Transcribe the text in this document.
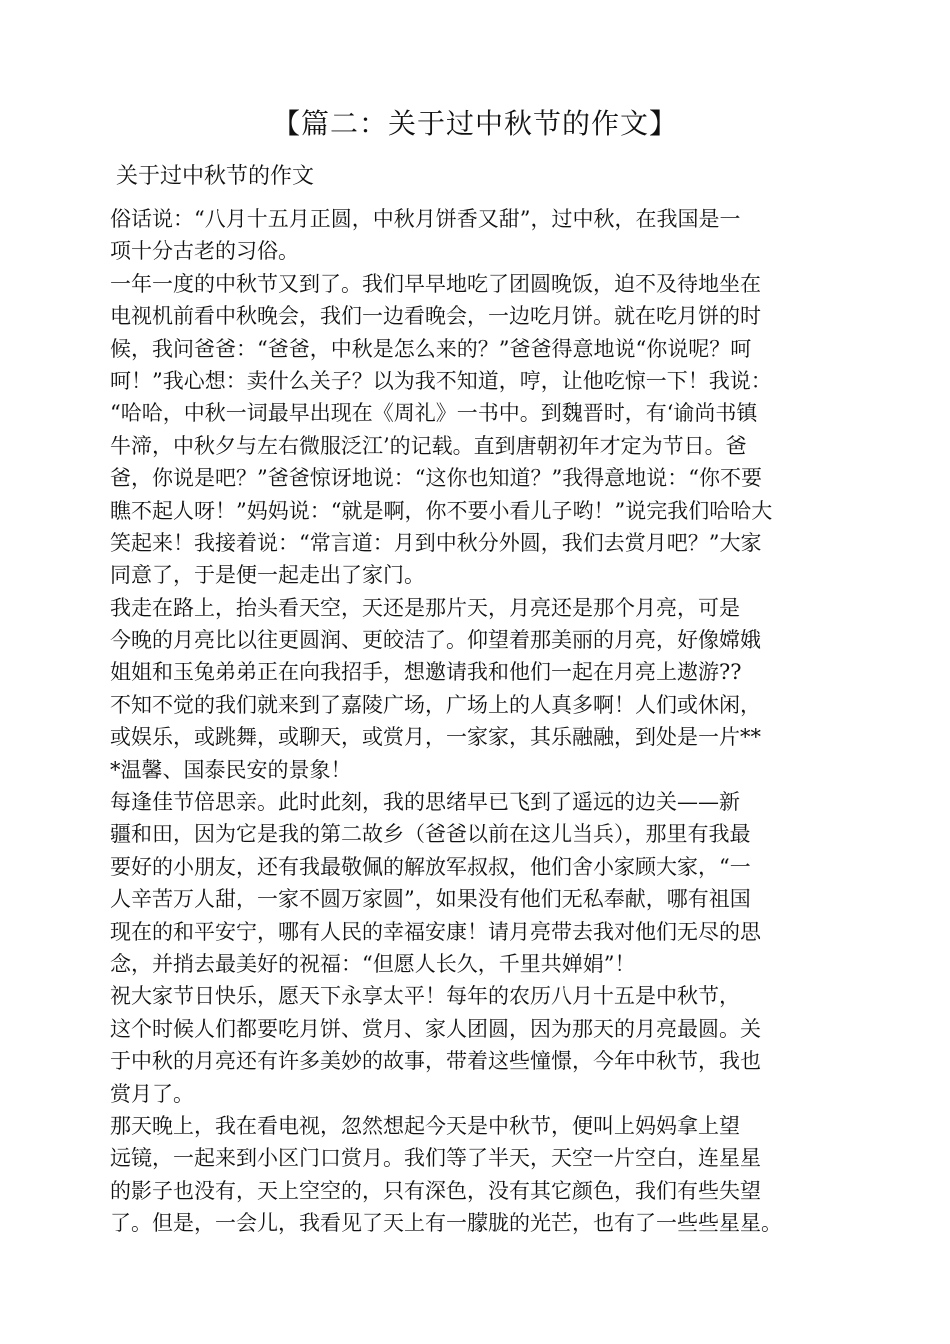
【篇二：关于过中秋节的作文】
关于过中秋节的作文
俗话说：“八月十五月正圆，中秋月饼香又甜”，过中秋，在我国是一
项十分古老的习俗。
一年一度的中秋节又到了。我们早早地吃了团圆晚饭，迫不及待地坐在
电视机前看中秋晚会，我们一边看晚会，一边吃月饼。就在吃月饼的时
候，我问爸爸：“爸爸，中秋是怎么来的？”爸爸得意地说“你说呢？呵
呵！”我心想：卖什么关子？以为我不知道，哼，让他吃惊一下！我说：
“哈哈，中秋一词最早出现在《周礼》一书中。到魏晋时，有‘谕尚书镇
牛渧，中秋夕与左右微服泛江’的记载。直到唐朝初年才定为节日。爸
爸，你说是吧？”爸爸惊讶地说：“这你也知道？”我得意地说：“你不要
瞧不起人呀！”妈妈说：“就是啊，你不要小看儿子哟！”说完我们哈哈大
笑起来！我接着说：“常言道：月到中秋分外圆，我们去赏月吧？”大家
同意了，于是便一起走出了家门。
我走在路上，抬头看天空，天还是那片天，月亮还是那个月亮，可是
今晚的月亮比以往更圆润、更皎洁了。仰望着那美丽的月亮，好像嫦娥
姐姐和玉兔弟弟正在向我招手，想邀请我和他们一起在月亮上遨游??
不知不觉的我们就来到了嘉陵广场，广场上的人真多啊！人们或休闲，
或娱乐，或跳舞，或聊天，或赏月，一家家，其乐融融，到处是一片**
*温馨、国泰民安的景象！
每逢佳节倍思亲。此时此刻，我的思绪早已飞到了遥远的边关——新
疆和田，因为它是我的第二故乡（爸爸以前在这儿当兵），那里有我最
要好的小朋友，还有我最敬佩的解放军叔叔，他们舍小家顾大家，“一
人辛苦万人甜，一家不圆万家圆”，如果没有他们无私奉献，哪有祖国
现在的和平安宁，哪有人民的幸福安康！请月亮带去我对他们无尽的思
念，并捎去最美好的祝福：“但愿人长久，千里共婵娟”！
祝大家节日快乐，愿天下永享太平！每年的农历八月十五是中秋节，
这个时候人们都要吃月饼、赏月、家人团圆，因为那天的月亮最圆。关
于中秋的月亮还有许多美妙的故事，带着这些憧憬，今年中秋节，我也
赏月了。
那天晚上，我在看电视，忽然想起今天是中秋节，便叫上妈妈拿上望
远镜，一起来到小区门口赏月。我们等了半天，天空一片空白，连星星
的影子也没有，天上空空的，只有深色，没有其它颜色，我们有些失望
了。但是，一会儿，我看见了天上有一朦胧的光芒，也有了一些些星星。
